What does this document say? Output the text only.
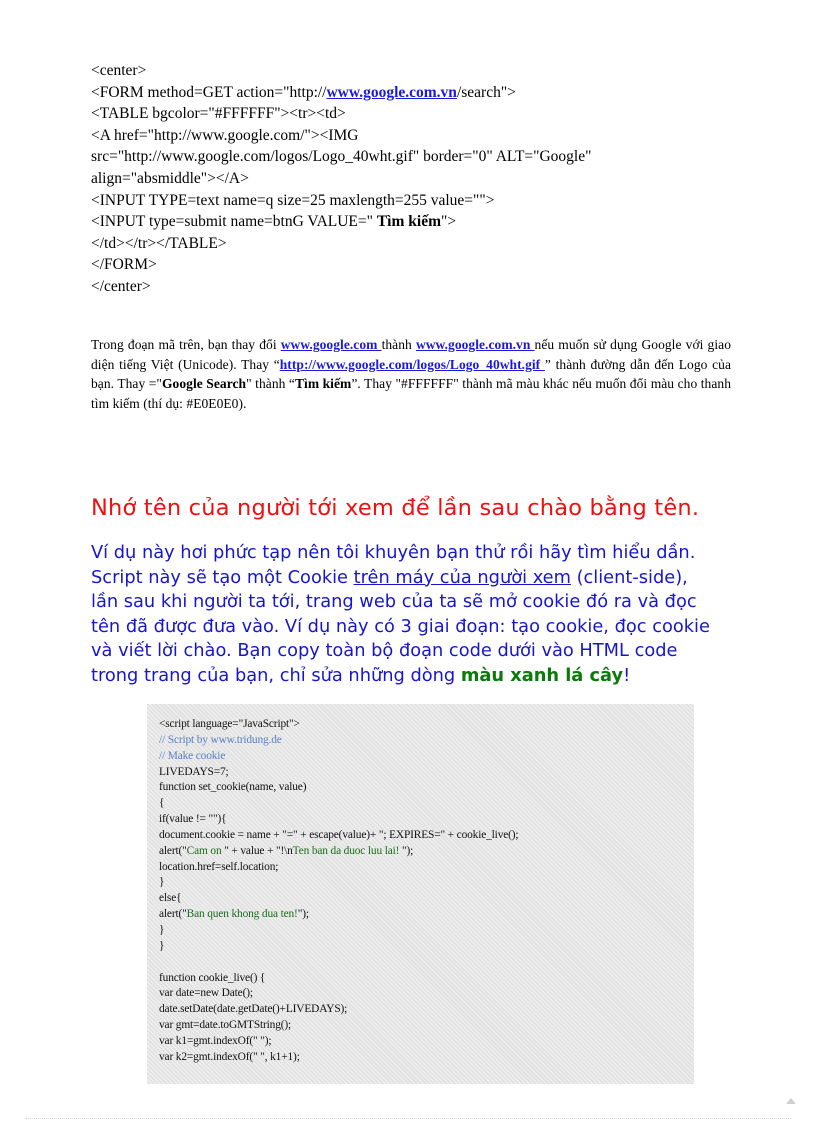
<center>
<FORM method=GET action="http://www.google.com.vn/search">
<TABLE bgcolor="#FFFFFF"><tr><td>
<A href="http://www.google.com/"><IMG
src="http://www.google.com/logos/Logo_40wht.gif" border="0" ALT="Google"
align="absmiddle"></A>
<INPUT TYPE=text name=q size=25 maxlength=255 value="">
<INPUT type=submit name=btnG VALUE=" Tìm kiếm">
</td></tr></TABLE>
</FORM>
</center>
Trong đoạn mã trên, bạn thay đổi www.google.com thành www.google.com.vn nếu muốn sử dụng Google với giao diện tiếng Việt (Unicode). Thay “http://www.google.com/logos/Logo_40wht.gif ” thành đường dẫn đến Logo của bạn. Thay ="Google Search" thành “Tìm kiếm”. Thay "#FFFFFF" thành mã màu khác nếu muốn đổi màu cho thanh tìm kiếm (thí dụ: #E0E0E0).
Nhớ tên của người tới xem để lần sau chào bằng tên.
Ví dụ này hơi phức tạp nên tôi khuyên bạn thử rồi hãy tìm hiểu dần.
Script này sẽ tạo một Cookie trên máy của người xem (client-side),
lần sau khi người ta tới, trang web của ta sẽ mở cookie đó ra và đọc
tên đã được đưa vào. Ví dụ này có 3 giai đoạn: tạo cookie, đọc cookie
và viết lời chào. Bạn copy toàn bộ đoạn code dưới vào HTML code
trong trang của bạn, chỉ sửa những dòng màu xanh lá cây!
<script language="JavaScript">
// Script by www.tridung.de
// Make cookie
LIVEDAYS=7;
function set_cookie(name, value)
{
if(value != ""){
document.cookie = name + "=" + escape(value)+ "; EXPIRES=" + cookie_live();
alert("Cam on " + value + "!\nTen ban da duoc luu lai! ");
location.href=self.location;
}
else{
alert("Ban quen khong dua ten!");
}
}
function cookie_live() {
var date=new Date();
date.setDate(date.getDate()+LIVEDAYS);
var gmt=date.toGMTString();
var k1=gmt.indexOf(" ");
var k2=gmt.indexOf(" ", k1+1);
